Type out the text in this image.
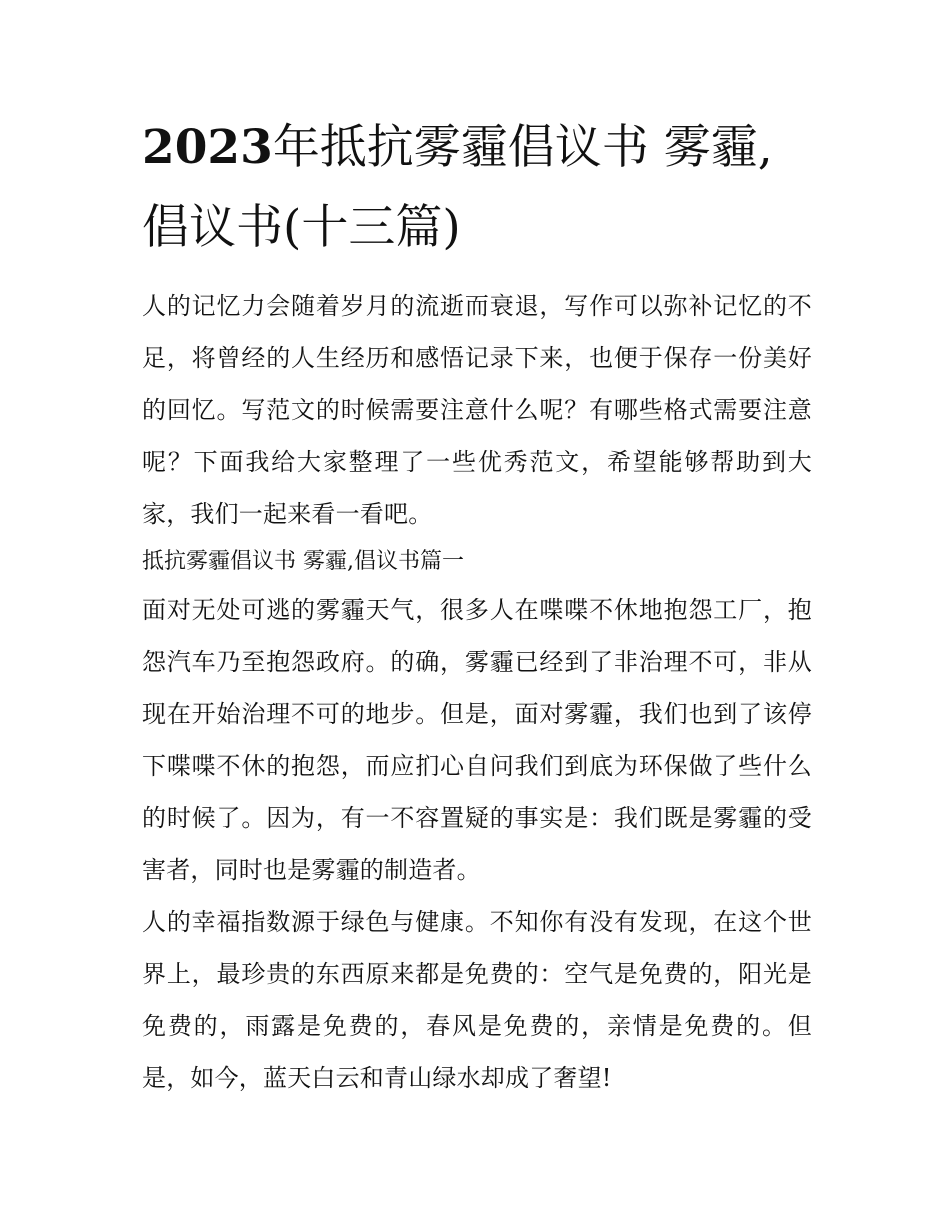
2023年抵抗雾霾倡议书 雾霾,倡议书(十三篇)

人的记忆力会随着岁月的流逝而衰退，写作可以弥补记忆的不足，将曾经的人生经历和感悟记录下来，也便于保存一份美好的回忆。写范文的时候需要注意什么呢？有哪些格式需要注意呢？下面我给大家整理了一些优秀范文，希望能够帮助到大家，我们一起来看一看吧。

抵抗雾霾倡议书 雾霾,倡议书篇一

面对无处可逃的雾霾天气，很多人在喋喋不休地抱怨工厂，抱怨汽车乃至抱怨政府。的确，雾霾已经到了非治理不可，非从现在开始治理不可的地步。但是，面对雾霾，我们也到了该停下喋喋不休的抱怨，而应扪心自问我们到底为环保做了些什么的时候了。因为，有一不容置疑的事实是：我们既是雾霾的受害者，同时也是雾霾的制造者。

人的幸福指数源于绿色与健康。不知你有没有发现，在这个世界上，最珍贵的东西原来都是免费的：空气是免费的，阳光是免费的，雨露是免费的，春风是免费的，亲情是免费的。但是，如今，蓝天白云和青山绿水却成了奢望!
